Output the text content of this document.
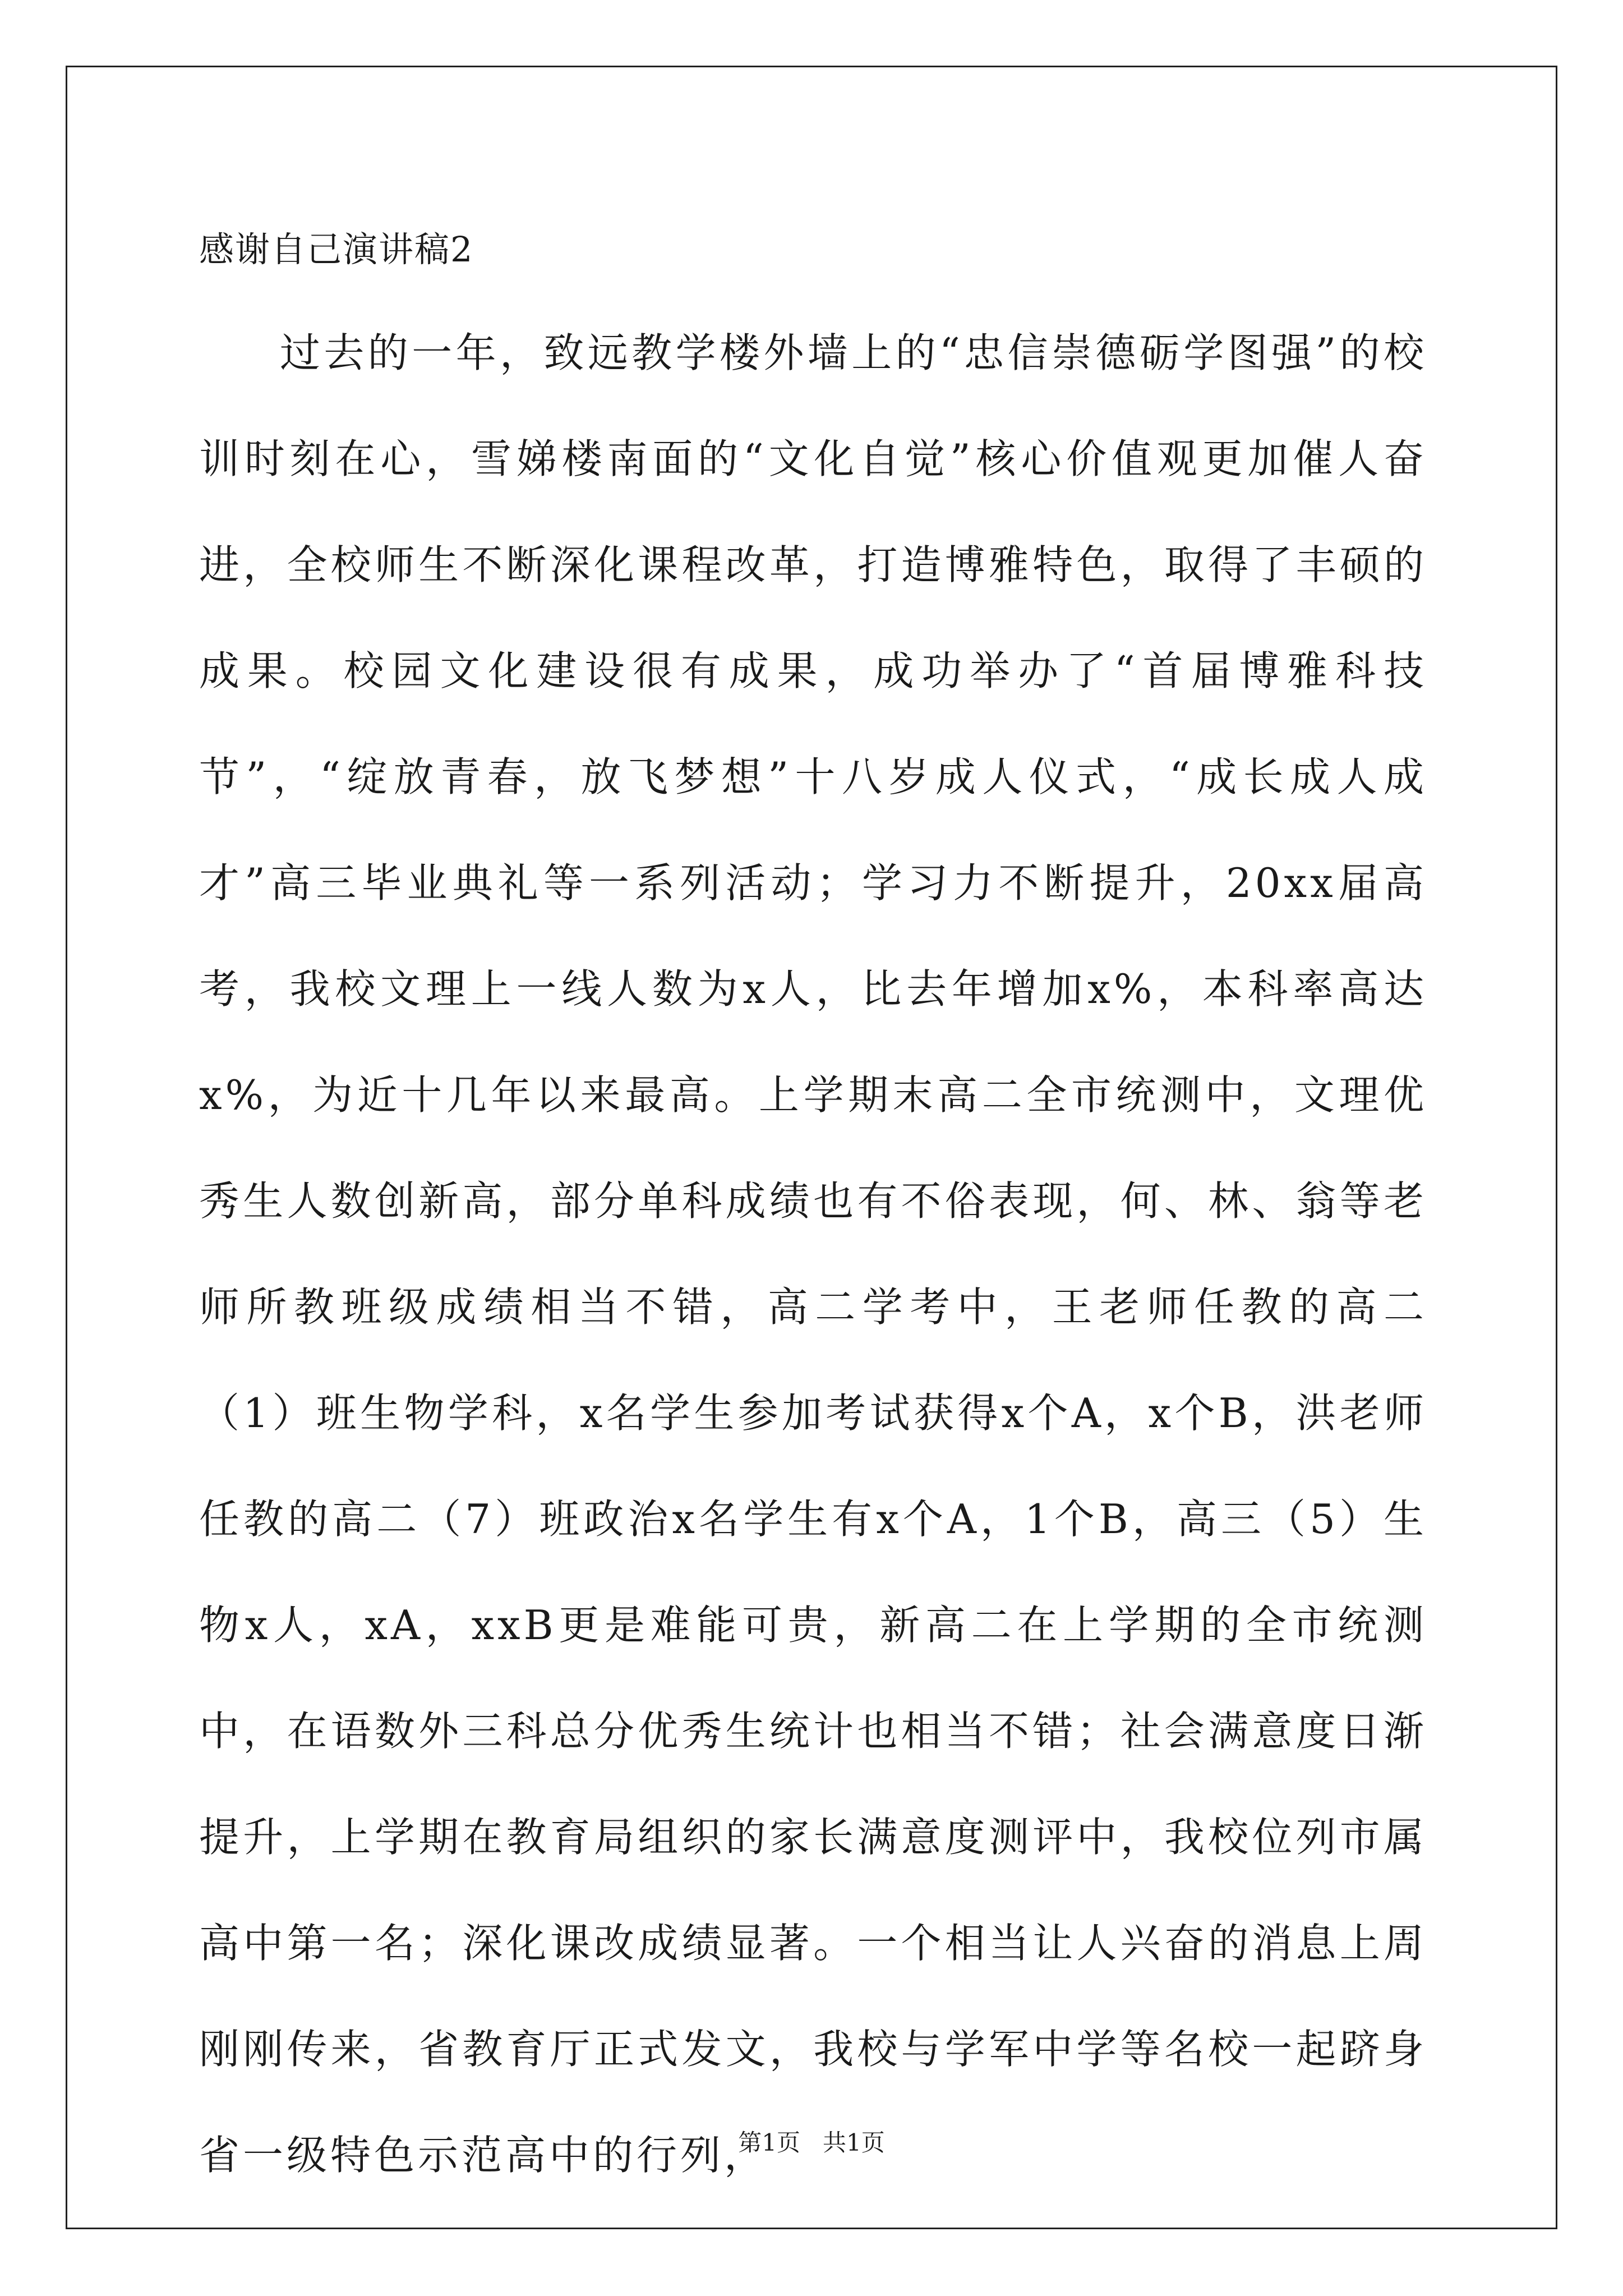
感谢自己演讲稿2

过去的一年，致远教学楼外墙上的“忠信崇德砺学图强”的校训时刻在心，雪娣楼南面的“文化自觉”核心价值观更加催人奋进，全校师生不断深化课程改革，打造博雅特色，取得了丰硕的成果。校园文化建设很有成果，成功举办了“首届博雅科技节”，“绽放青春，放飞梦想”十八岁成人仪式，“成长成人成才”高三毕业典礼等一系列活动；学习力不断提升，20xx届高考，我校文理上一线人数为x人，比去年增加x%，本科率高达x%，为近十几年以来最高。上学期末高二全市统测中，文理优秀生人数创新高，部分单科成绩也有不俗表现，何、林、翁等老师所教班级成绩相当不错，高二学考中，王老师任教的高二（1）班生物学科，x名学生参加考试获得x个A，x个B，洪老师任教的高二（7）班政治x名学生有x个A，1个B，高三（5）生物x人，xA，xxB更是难能可贵，新高二在上学期的全市统测中，在语数外三科总分优秀生统计也相当不错；社会满意度日渐提升，上学期在教育局组织的家长满意度测评中，我校位列市属高中第一名；深化课改成绩显著。一个相当让人兴奋的消息上周刚刚传来，省教育厅正式发文，我校与学军中学等名校一起跻身省一级特色示范高中的行列，

第1页   共1页
